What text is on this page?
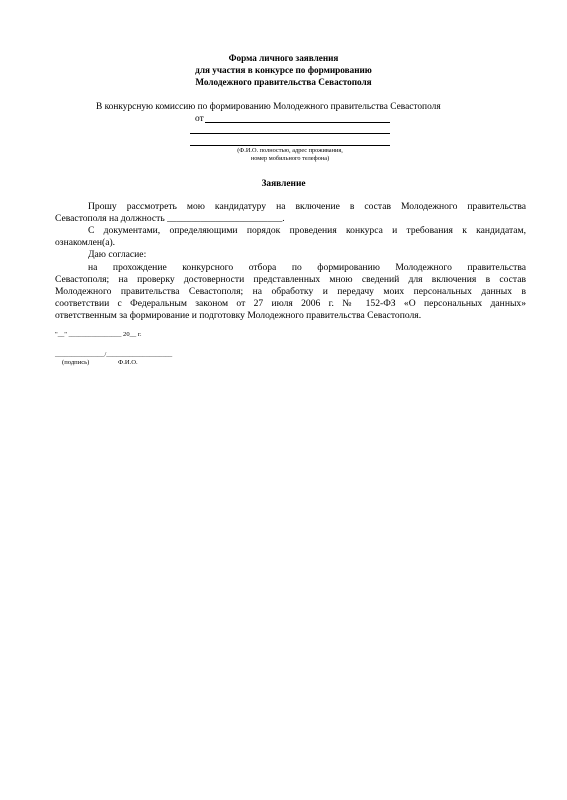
Форма личного заявления
для участия в конкурсе по формированию
Молодежного правительства Севастополя
В конкурсную комиссию по формированию Молодежного правительства Севастополя
от
(Ф.И.О. полностью, адрес проживания,
номер мобильного телефона)
Заявление
Прошу рассмотреть мою кандидатуру на включение в состав Молодежного правительства
Севастополя на должность ________________________.
С документами, определяющими порядок проведения конкурса и требования к кандидатам,
ознакомлен(а).
Даю согласие:
на прохождение конкурсного отбора по формированию Молодежного правительства
Севастополя; на проверку достоверности представленных мною сведений для включения в состав
Молодежного правительства Севастополя; на обработку и передачу моих персональных данных в
соответствии с Федеральным законом от 27 июля 2006 г. № 152-ФЗ «О персональных данных»
ответственным за формирование и подготовку Молодежного правительства Севастополя.
"__" ________________ 20__ г.
_______________/____________________
(подпись)	Ф.И.О.
